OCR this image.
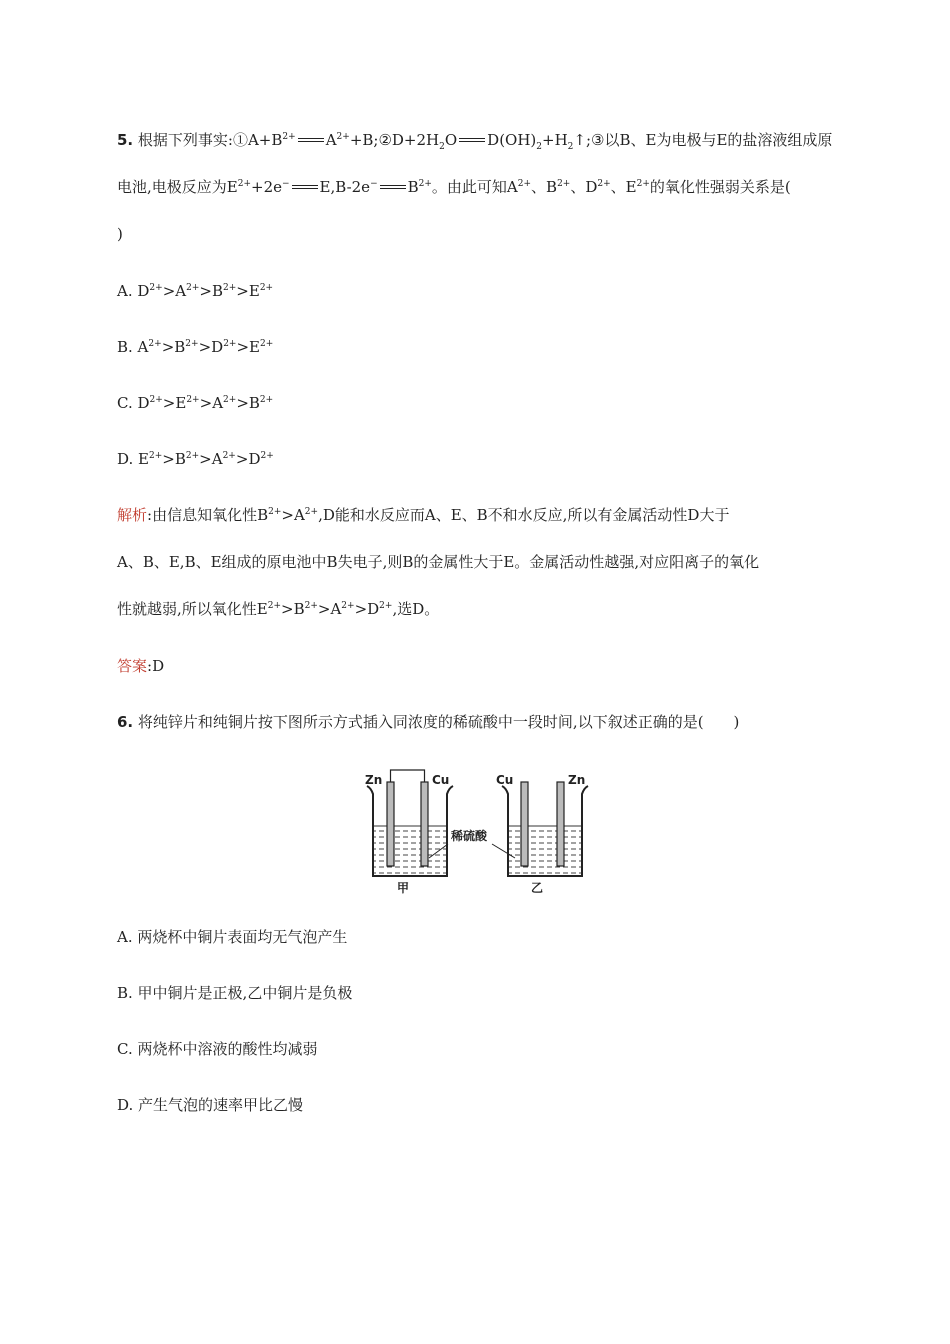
5. 根据下列事实$:①A+B^{2+}$ $A^{2+}+B;②D+2H_2O$ $D(OH)_2+H_2↑;③$以B、E为电极与E的盐溶液组成原
电池,电极反应为$E^{2+}+2e^-$ E,B-2e− $B^{2+}$。由此可知$A^{2+}$、$B^{2+}$、$D^{2+}$、$E^{2+}$的氧化性强弱关系是(
)
A. $D^{2+}>A^{2+}>B^{2+}>E^{2+}$
B. $A^{2+}>B^{2+}>D^{2+}>E^{2+}$
C. $D^{2+}>E^{2+}>A^{2+}>B^{2+}$
D. $E^{2+}>B^{2+}>A^{2+}>D^{2+}$
解析:由信息知氧化性$B^{2+}>A^{2+},D$能和水反应而A、E、B不和水反应,所以有金属活动性D大于
A、B、E,B、E组成的原电池中B失电子,则B的金属性大于E。金属活动性越强,对应阳离子的氧化
性就越弱,所以氧化性$E^{2+}>B^{2+}>A^{2+}>D^{2+}$,选D。
答案:D
6. 将纯锌片和纯铜片按下图所示方式插入同浓度的稀硫酸中一段时间,以下叙述正确的是(　　)
Zn	Cu	Cu	Zn
稀硫酸
甲	乙
A. 两烧杯中铜片表面均无气泡产生
B. 甲中铜片是正极,乙中铜片是负极
C. 两烧杯中溶液的酸性均减弱
D. 产生气泡的速率甲比乙慢
